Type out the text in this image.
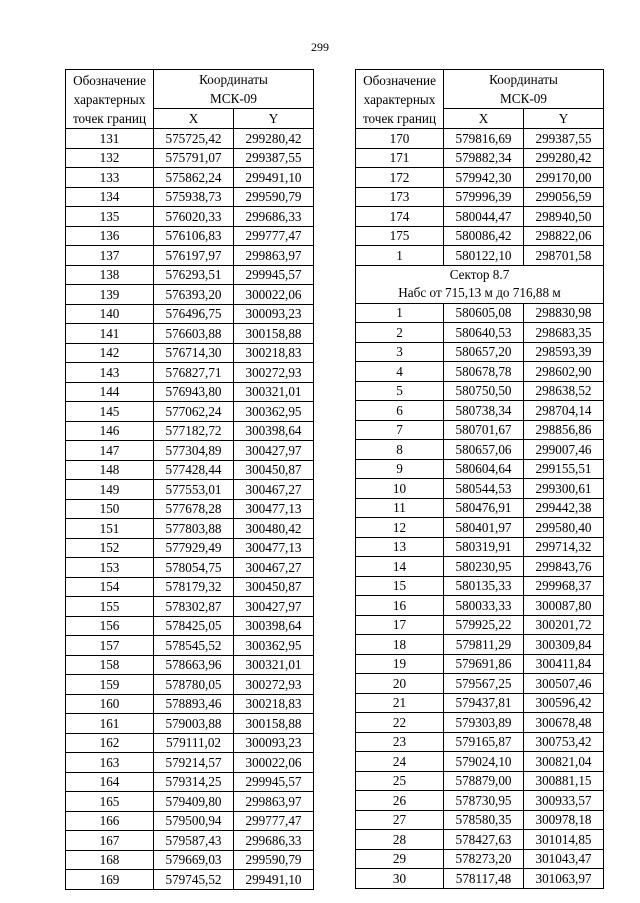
299
Обозначение
характерных
точек границ	Координаты
МСК-09	

	X	Y
131	575725,42	299280,42
132	575791,07	299387,55
133	575862,24	299491,10
134	575938,73	299590,79
135	576020,33	299686,33
136	576106,83	299777,47
137	576197,97	299863,97
138	576293,51	299945,57
139	576393,20	300022,06
140	576496,75	300093,23
141	576603,88	300158,88
142	576714,30	300218,83
143	576827,71	300272,93
144	576943,80	300321,01
145	577062,24	300362,95
146	577182,72	300398,64
147	577304,89	300427,97
148	577428,44	300450,87
149	577553,01	300467,27
150	577678,28	300477,13
151	577803,88	300480,42
152	577929,49	300477,13
153	578054,75	300467,27
154	578179,32	300450,87
155	578302,87	300427,97
156	578425,05	300398,64
157	578545,52	300362,95
158	578663,96	300321,01
159	578780,05	300272,93
160	578893,46	300218,83
161	579003,88	300158,88
162	579111,02	300093,23
163	579214,57	300022,06
164	579314,25	299945,57
165	579409,80	299863,97
166	579500,94	299777,47
167	579587,43	299686,33
168	579669,03	299590,79
169	579745,52	299491,10
Обозначение
характерных
точек границ	Координаты
МСК-09	

	X	Y
170	579816,69	299387,55
171	579882,34	299280,42
172	579942,30	299170,00
173	579996,39	299056,59
174	580044,47	298940,50
175	580086,42	298822,06
1	580122,10	298701,58

Сектор 8.7
Набс от 715,13 м до 716,88 м		

1	580605,08	298830,98
2	580640,53	298683,35
3	580657,20	298593,39
4	580678,78	298602,90
5	580750,50	298638,52
6	580738,34	298704,14
7	580701,67	298856,86
8	580657,06	299007,46
9	580604,64	299155,51
10	580544,53	299300,61
11	580476,91	299442,38
12	580401,97	299580,40
13	580319,91	299714,32
14	580230,95	299843,76
15	580135,33	299968,37
16	580033,33	300087,80
17	579925,22	300201,72
18	579811,29	300309,84
19	579691,86	300411,84
20	579567,25	300507,46
21	579437,81	300596,42
22	579303,89	300678,48
23	579165,87	300753,42
24	579024,10	300821,04
25	578879,00	300881,15
26	578730,95	300933,57
27	578580,35	300978,18
28	578427,63	301014,85
29	578273,20	301043,47
30	578117,48	301063,97
